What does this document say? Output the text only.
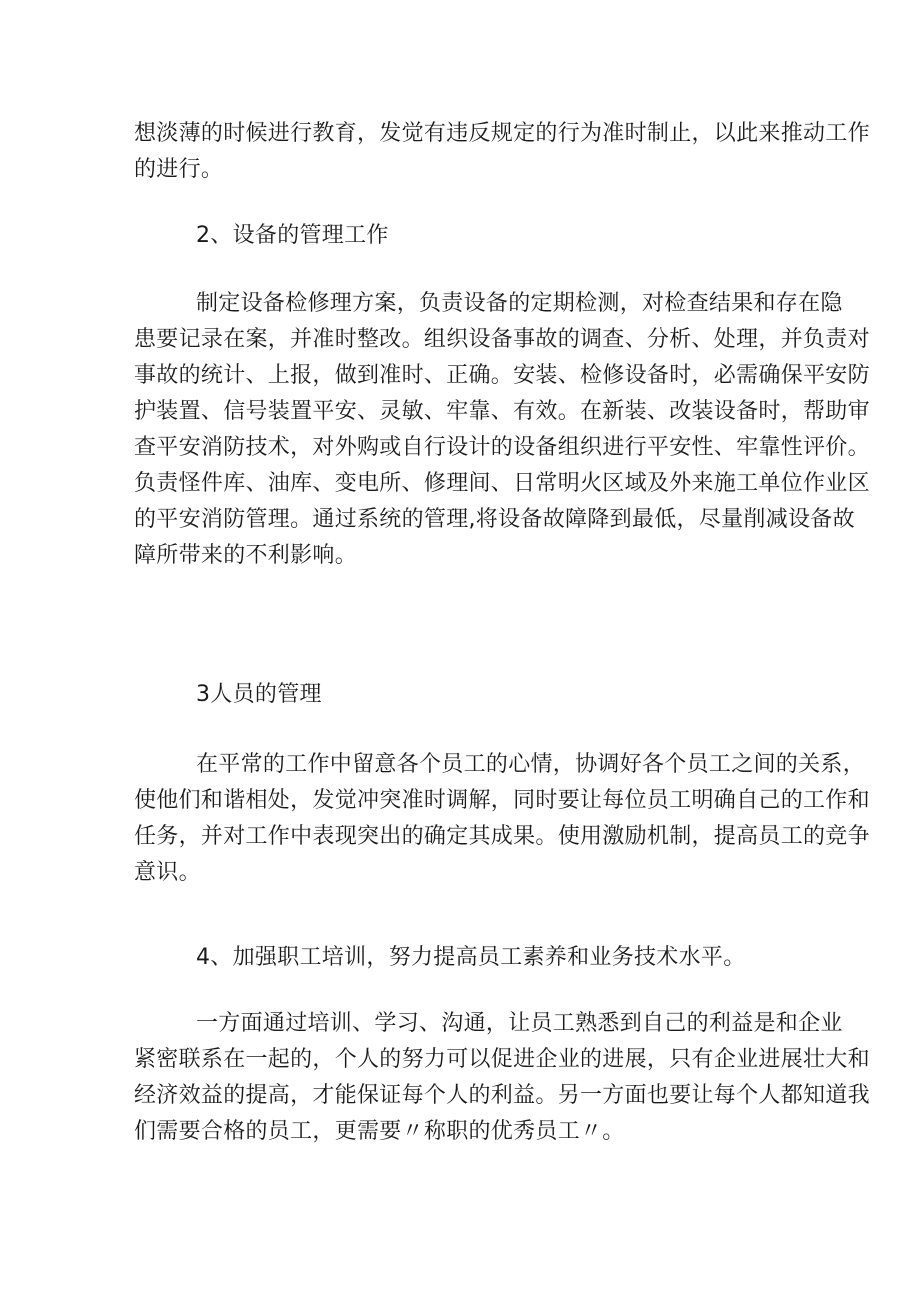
想淡薄的时候进行教育，发觉有违反规定的行为准时制止，以此来推动工作
的进行。
2、设备的管理工作
制定设备检修理方案，负责设备的定期检测，对检查结果和存在隐
患要记录在案，并准时整改。组织设备事故的调查、分析、处理，并负责对
事故的统计、上报，做到准时、正确。安装、检修设备时，必需确保平安防
护装置、信号装置平安、灵敏、牢靠、有效。在新装、改装设备时，帮助审
查平安消防技术，对外购或自行设计的设备组织进行平安性、牢靠性评价。
负责怪件库、油库、变电所、修理间、日常明火区域及外来施工单位作业区
的平安消防管理。通过系统的管理,将设备故障降到最低，尽量削减设备故
障所带来的不利影响。
3人员的管理
在平常的工作中留意各个员工的心情，协调好各个员工之间的关系，
使他们和谐相处，发觉冲突准时调解，同时要让每位员工明确自己的工作和
任务，并对工作中表现突出的确定其成果。使用激励机制，提高员工的竞争
意识。
4、加强职工培训，努力提高员工素养和业务技术水平。
一方面通过培训、学习、沟通，让员工熟悉到自己的利益是和企业
紧密联系在一起的，个人的努力可以促进企业的进展，只有企业进展壮大和
经济效益的提高，才能保证每个人的利益。另一方面也要让每个人都知道我
们需要合格的员工，更需要〃称职的优秀员工〃。
